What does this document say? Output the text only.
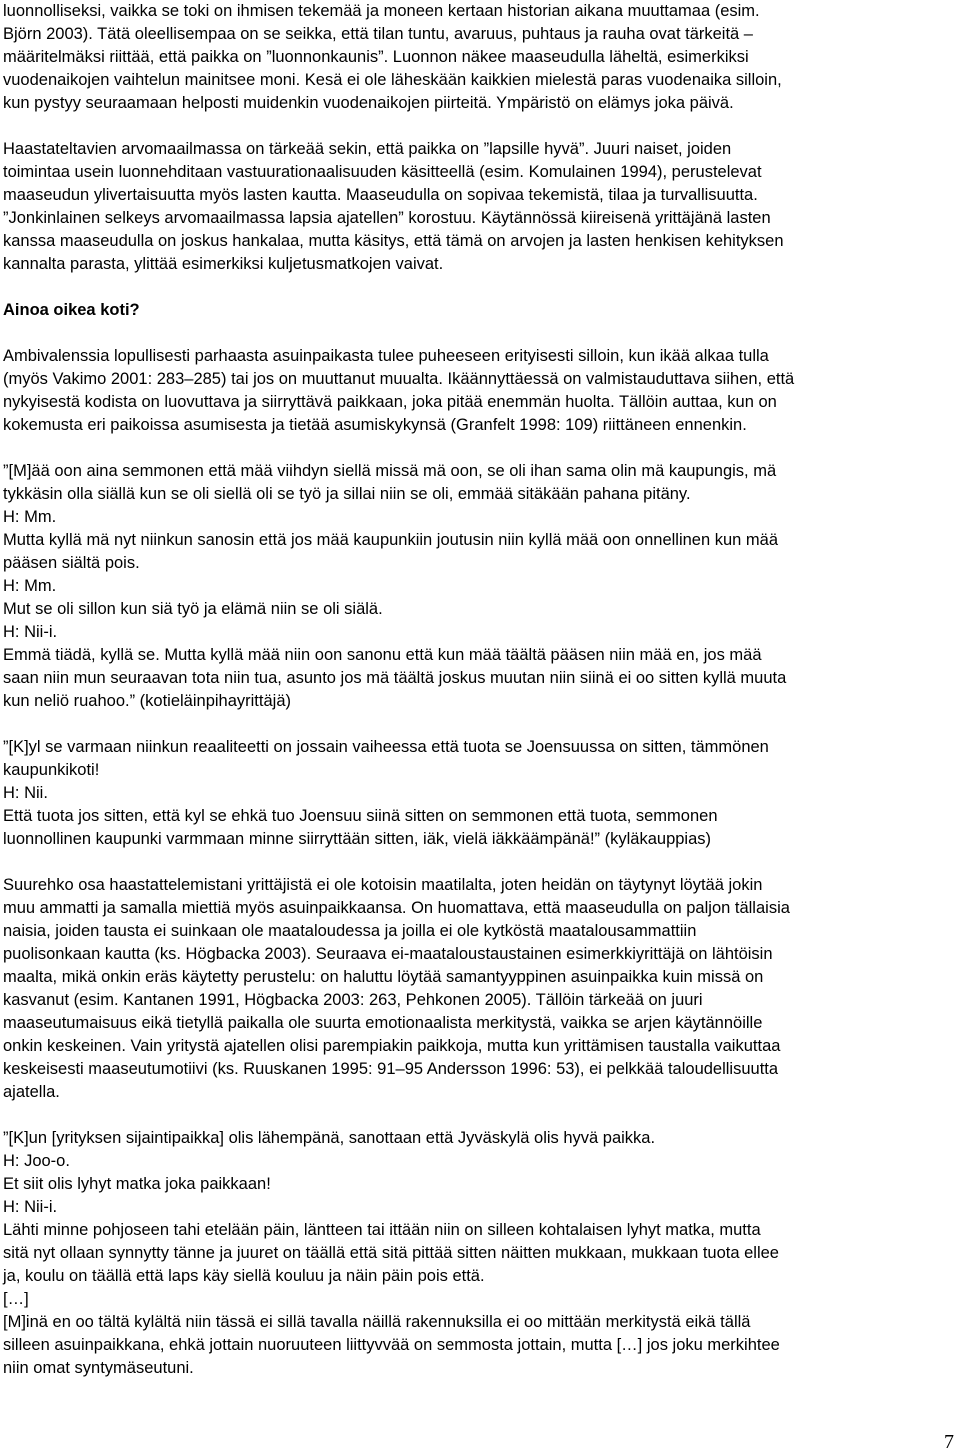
luonnolliseksi, vaikka se toki on ihmisen tekemää ja moneen kertaan historian aikana muuttamaa (esim.
Björn 2003). Tätä oleellisempaa on se seikka, että tilan tuntu, avaruus, puhtaus ja rauha ovat tärkeitä –
määritelmäksi riittää, että paikka on ”luonnonkaunis”. Luonnon näkee maaseudulla läheltä, esimerkiksi
vuodenaikojen vaihtelun mainitsee moni. Kesä ei ole läheskään kaikkien mielestä paras vuodenaika silloin,
kun pystyy seuraamaan helposti muidenkin vuodenaikojen piirteitä. Ympäristö on elämys joka päivä.
Haastateltavien arvomaailmassa on tärkeää sekin, että paikka on ”lapsille hyvä”. Juuri naiset, joiden
toimintaa usein luonnehditaan vastuurationaalisuuden käsitteellä (esim. Komulainen 1994), perustelevat
maaseudun ylivertaisuutta myös lasten kautta. Maaseudulla on sopivaa tekemistä, tilaa ja turvallisuutta.
”Jonkinlainen selkeys arvomaailmassa lapsia ajatellen” korostuu. Käytännössä kiireisenä yrittäjänä lasten
kanssa maaseudulla on joskus hankalaa, mutta käsitys, että tämä on arvojen ja lasten henkisen kehityksen
kannalta parasta, ylittää esimerkiksi kuljetusmatkojen vaivat.
Ainoa oikea koti?
Ambivalenssia lopullisesti parhaasta asuinpaikasta tulee puheeseen erityisesti silloin, kun ikää alkaa tulla
(myös Vakimo 2001: 283–285) tai jos on muuttanut muualta. Ikäännyttäessä on valmistauduttava siihen, että
nykyisestä kodista on luovuttava ja siirryttävä paikkaan, joka pitää enemmän huolta. Tällöin auttaa, kun on
kokemusta eri paikoissa asumisesta ja tietää asumiskykynsä (Granfelt 1998: 109) riittäneen ennenkin.
”[M]ää oon aina semmonen että mää viihdyn siellä missä mä oon, se oli ihan sama olin mä kaupungis, mä
tykkäsin olla siällä kun se oli siellä oli se työ ja sillai niin se oli, emmää sitäkään pahana pitäny.
H: Mm.
Mutta kyllä mä nyt niinkun sanosin että jos mää kaupunkiin joutusin niin kyllä mää oon onnellinen kun mää
pääsen siältä pois.
H: Mm.
Mut se oli sillon kun siä työ ja elämä niin se oli siälä.
H: Nii-i.
Emmä tiädä, kyllä se. Mutta kyllä mää niin oon sanonu että kun mää täältä pääsen niin mää en, jos mää
saan niin mun seuraavan tota niin tua, asunto jos mä täältä joskus muutan niin siinä ei oo sitten kyllä muuta
kun neliö ruahoo.” (kotieläinpihayrittäjä)
”[K]yl se varmaan niinkun reaaliteetti on jossain vaiheessa että tuota se Joensuussa on sitten, tämmönen
kaupunkikoti!
H: Nii.
Että tuota jos sitten, että kyl se ehkä tuo Joensuu siinä sitten on semmonen että tuota, semmonen
luonnollinen kaupunki varmmaan minne siirryttään sitten, iäk, vielä iäkkäämpänä!” (kyläkauppias)
Suurehko osa haastattelemistani yrittäjistä ei ole kotoisin maatilalta, joten heidän on täytynyt löytää jokin
muu ammatti ja samalla miettiä myös asuinpaikkaansa. On huomattava, että maaseudulla on paljon tällaisia
naisia, joiden tausta ei suinkaan ole maataloudessa ja joilla ei ole kytköstä maatalousammattiin
puolisonkaan kautta (ks. Högbacka 2003). Seuraava ei-maataloustaustainen esimerkkiyrittäjä on lähtöisin
maalta, mikä onkin eräs käytetty perustelu: on haluttu löytää samantyyppinen asuinpaikka kuin missä on
kasvanut (esim. Kantanen 1991, Högbacka 2003: 263, Pehkonen 2005). Tällöin tärkeää on juuri
maaseutumaisuus eikä tietyllä paikalla ole suurta emotionaalista merkitystä, vaikka se arjen käytännöille
onkin keskeinen. Vain yritystä ajatellen olisi parempiakin paikkoja, mutta kun yrittämisen taustalla vaikuttaa
keskeisesti maaseutumotiivi (ks. Ruuskanen 1995: 91–95 Andersson 1996: 53), ei pelkkää taloudellisuutta
ajatella.
”[K]un [yrityksen sijaintipaikka] olis lähempänä, sanottaan että Jyväskylä olis hyvä paikka.
H: Joo-o.
Et siit olis lyhyt matka joka paikkaan!
H: Nii-i.
Lähti minne pohjoseen tahi etelään päin, läntteen tai ittään niin on silleen kohtalaisen lyhyt matka, mutta
sitä nyt ollaan synnytty tänne ja juuret on täällä että sitä pittää sitten näitten mukkaan, mukkaan tuota ellee
ja, koulu on täällä että laps käy siellä kouluu ja näin päin pois että.
[…]
[M]inä en oo tältä kylältä niin tässä ei sillä tavalla näillä rakennuksilla ei oo mittään merkitystä eikä tällä
silleen asuinpaikkana, ehkä jottain nuoruuteen liittyvvää on semmosta jottain, mutta […] jos joku merkihtee
niin omat syntymäseutuni.
7
